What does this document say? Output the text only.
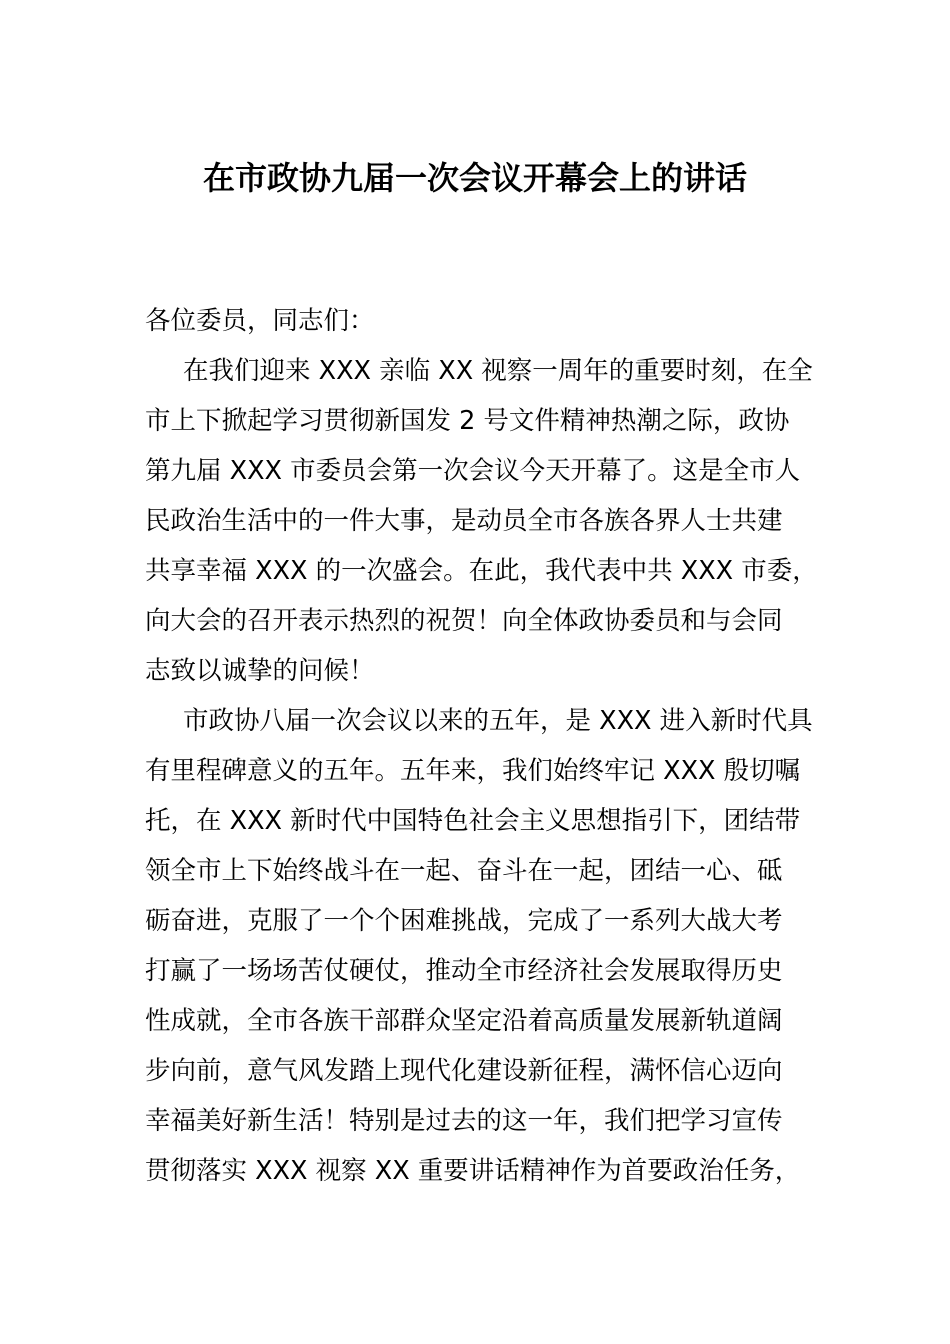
在市政协九届一次会议开幕会上的讲话
各位委员，同志们：
在我们迎来 XXX 亲临 XX 视察一周年的重要时刻，在全
市上下掀起学习贯彻新国发 2 号文件精神热潮之际，政协
第九届 XXX 市委员会第一次会议今天开幕了。这是全市人
民政治生活中的一件大事，是动员全市各族各界人士共建
共享幸福 XXX 的一次盛会。在此，我代表中共 XXX 市委，
向大会的召开表示热烈的祝贺！向全体政协委员和与会同
志致以诚挚的问候！
市政协八届一次会议以来的五年，是 XXX 进入新时代具
有里程碑意义的五年。五年来，我们始终牢记 XXX 殷切嘱
托，在 XXX 新时代中国特色社会主义思想指引下，团结带
领全市上下始终战斗在一起、奋斗在一起，团结一心、砥
砺奋进，克服了一个个困难挑战，完成了一系列大战大考
打赢了一场场苦仗硬仗，推动全市经济社会发展取得历史
性成就，全市各族干部群众坚定沿着高质量发展新轨道阔
步向前，意气风发踏上现代化建设新征程，满怀信心迈向
幸福美好新生活！特别是过去的这一年，我们把学习宣传
贯彻落实 XXX 视察 XX 重要讲话精神作为首要政治任务，
